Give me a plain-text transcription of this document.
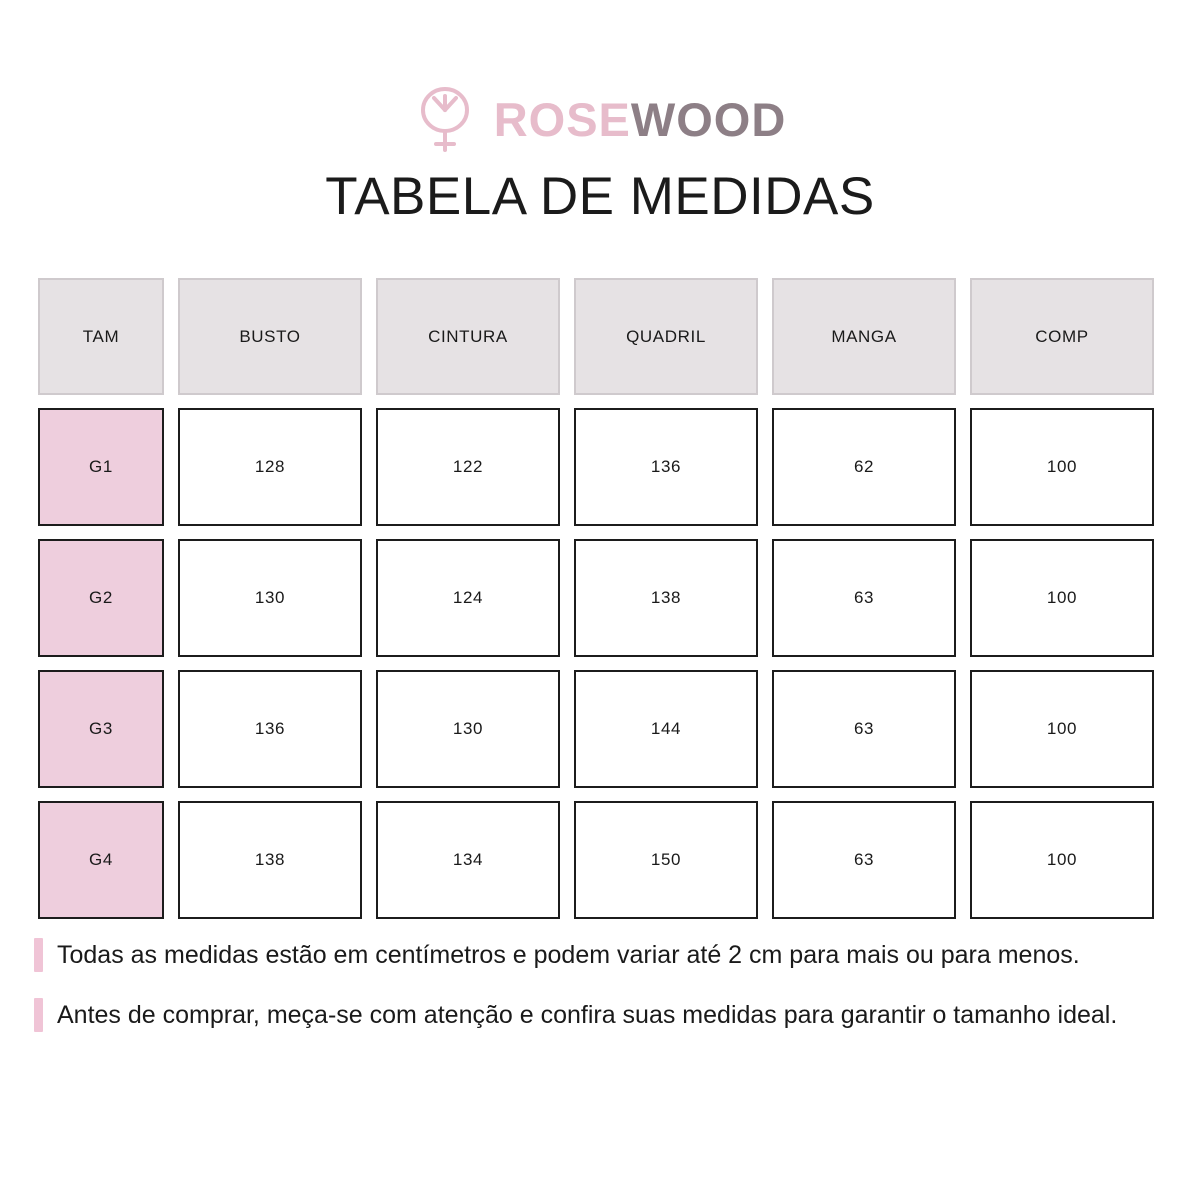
ROSE WOOD
TABELA DE MEDIDAS
TAM	BUSTO	CINTURA	QUADRIL	MANGA	COMP
G1	128	122	136	62	100
G2	130	124	138	63	100
G3	136	130	144	63	100
G4	138	134	150	63	100
Todas as medidas estão em centímetros e podem variar até 2 cm para mais ou para menos.
Antes de comprar, meça-se com atenção e confira suas medidas para garantir o tamanho ideal.
